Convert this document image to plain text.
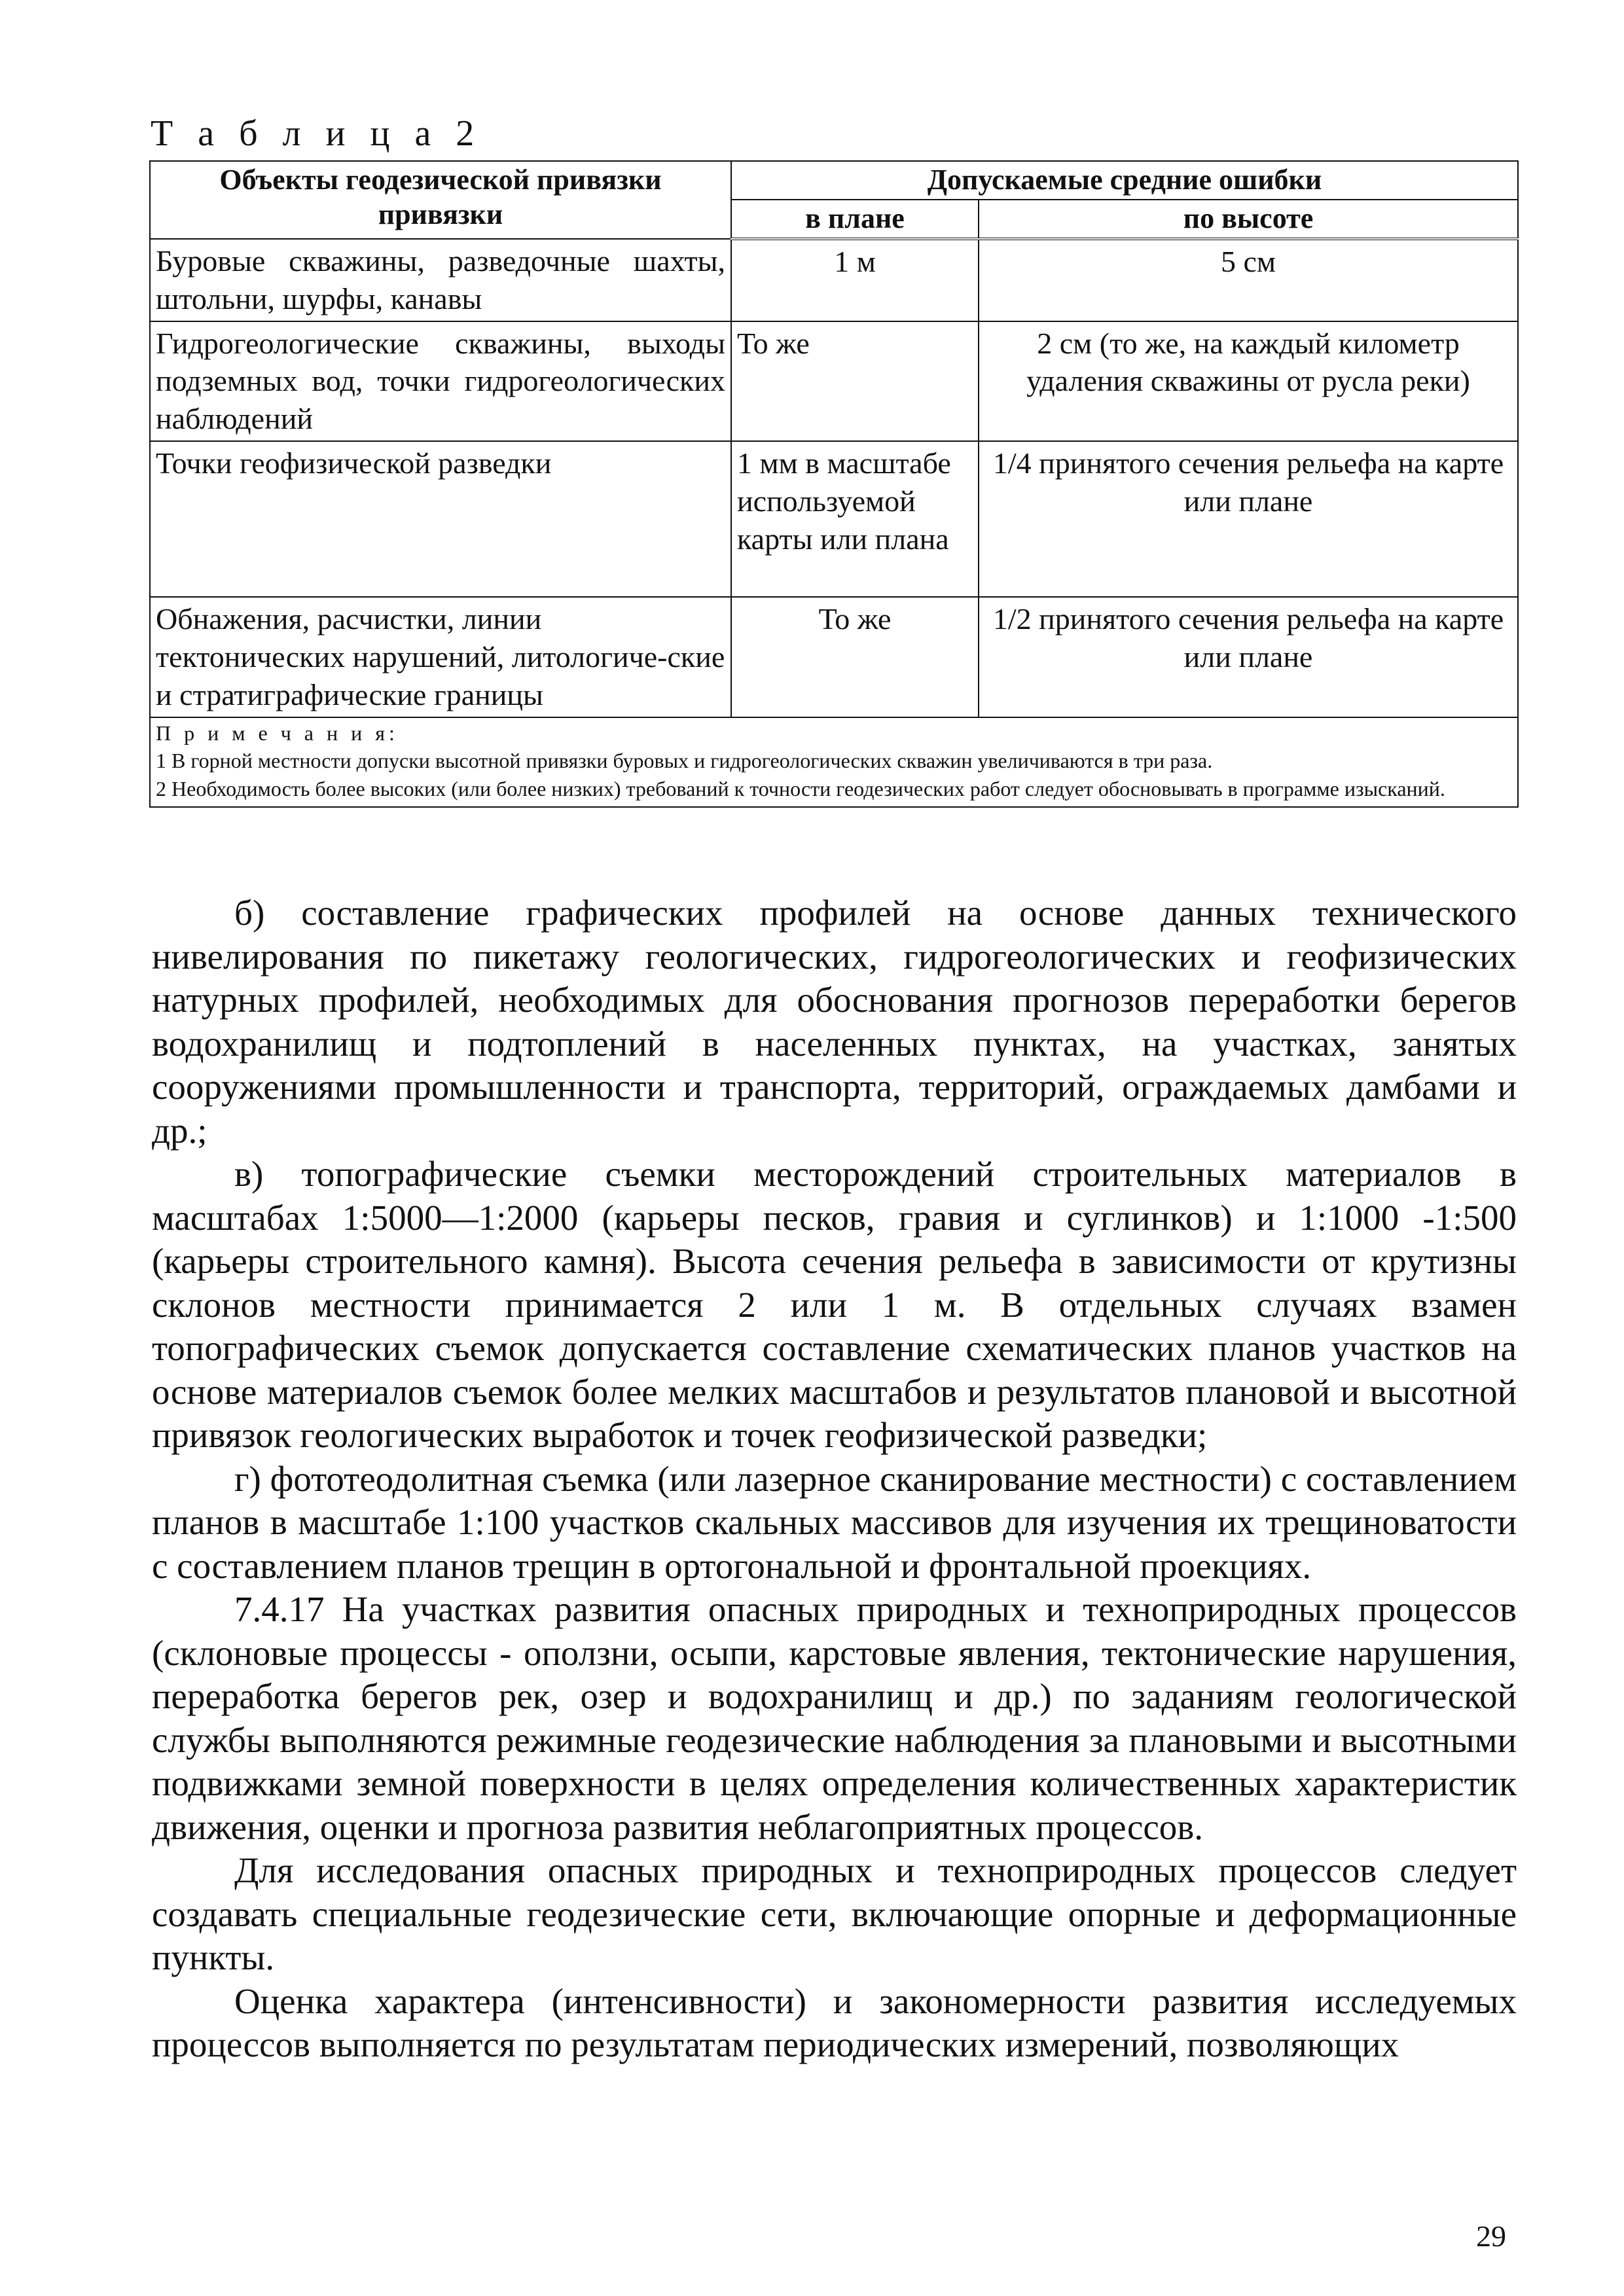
Т а б л и ц а 2
Объекты геодезической привязки привязки	Допускаемые средние ошибки	
	в плане	по высоте
Буровые скважины, разведочные шахты, штольни, шурфы, канавы	1 м	5 см
Гидрогеологические скважины, выходы подземных вод, точки гидрогеологических наблюдений	То же	2 см (то же, на каждый километр удаления скважины от русла реки)
Точки геофизической разведки	1 мм в масштабе используемой карты или плана	1/4 принятого сечения рельефа на карте или плане
Обнажения, расчистки, линии тектонических нарушений, литологиче-ские и стратиграфические границы	То же	1/2 принятого сечения рельефа на карте или плане

П р и м е ч а н и я:
1 В горной местности допуски высотной привязки буровых и гидрогеологических скважин увеличиваются в три раза.
2 Необходимость более высоких (или более низких) требований к точности геодезических работ следует обосновывать в программе изысканий.		

б) составление графических профилей на основе данных технического нивелирования по пикетажу геологических, гидрогеологических и геофизических натурных профилей, необходимых для обоснования прогнозов переработки берегов водохранилищ и подтоплений в населенных пунктах, на участках, занятых сооружениями промышленности и транспорта, территорий, ограждаемых дамбами и др.;

в) топографические съемки месторождений строительных материалов в масштабах 1:5000—1:2000 (карьеры песков, гравия и суглинков) и 1:1000 -1:500 (карьеры строительного камня). Высота сечения рельефа в зависимости от крутизны склонов местности принимается 2 или 1 м. В отдельных случаях взамен топографических съемок допускается составление схематических планов участков на основе материалов съемок более мелких масштабов и результатов плановой и высотной привязок геологических выработок и точек геофизической разведки;

г) фототеодолитная съемка (или лазерное сканирование местности) с составлением планов в масштабе 1:100 участков скальных массивов для изучения их трещиноватости с составлением планов трещин в ортогональной и фронтальной проекциях.

7.4.17 На участках развития опасных природных и техноприродных процессов (склоновые процессы - оползни, осыпи, карстовые явления, тектонические нарушения, переработка берегов рек, озер и водохранилищ и др.) по заданиям геологической службы выполняются режимные геодезические наблюдения за плановыми и высотными подвижками земной поверхности в целях определения количественных характеристик движения, оценки и прогноза развития неблагоприятных процессов.

Для исследования опасных природных и техноприродных процессов следует создавать специальные геодезические сети, включающие опорные и деформационные пункты.

Оценка характера (интенсивности) и закономерности развития исследуемых процессов выполняется по результатам периодических измерений, позволяющих

29
